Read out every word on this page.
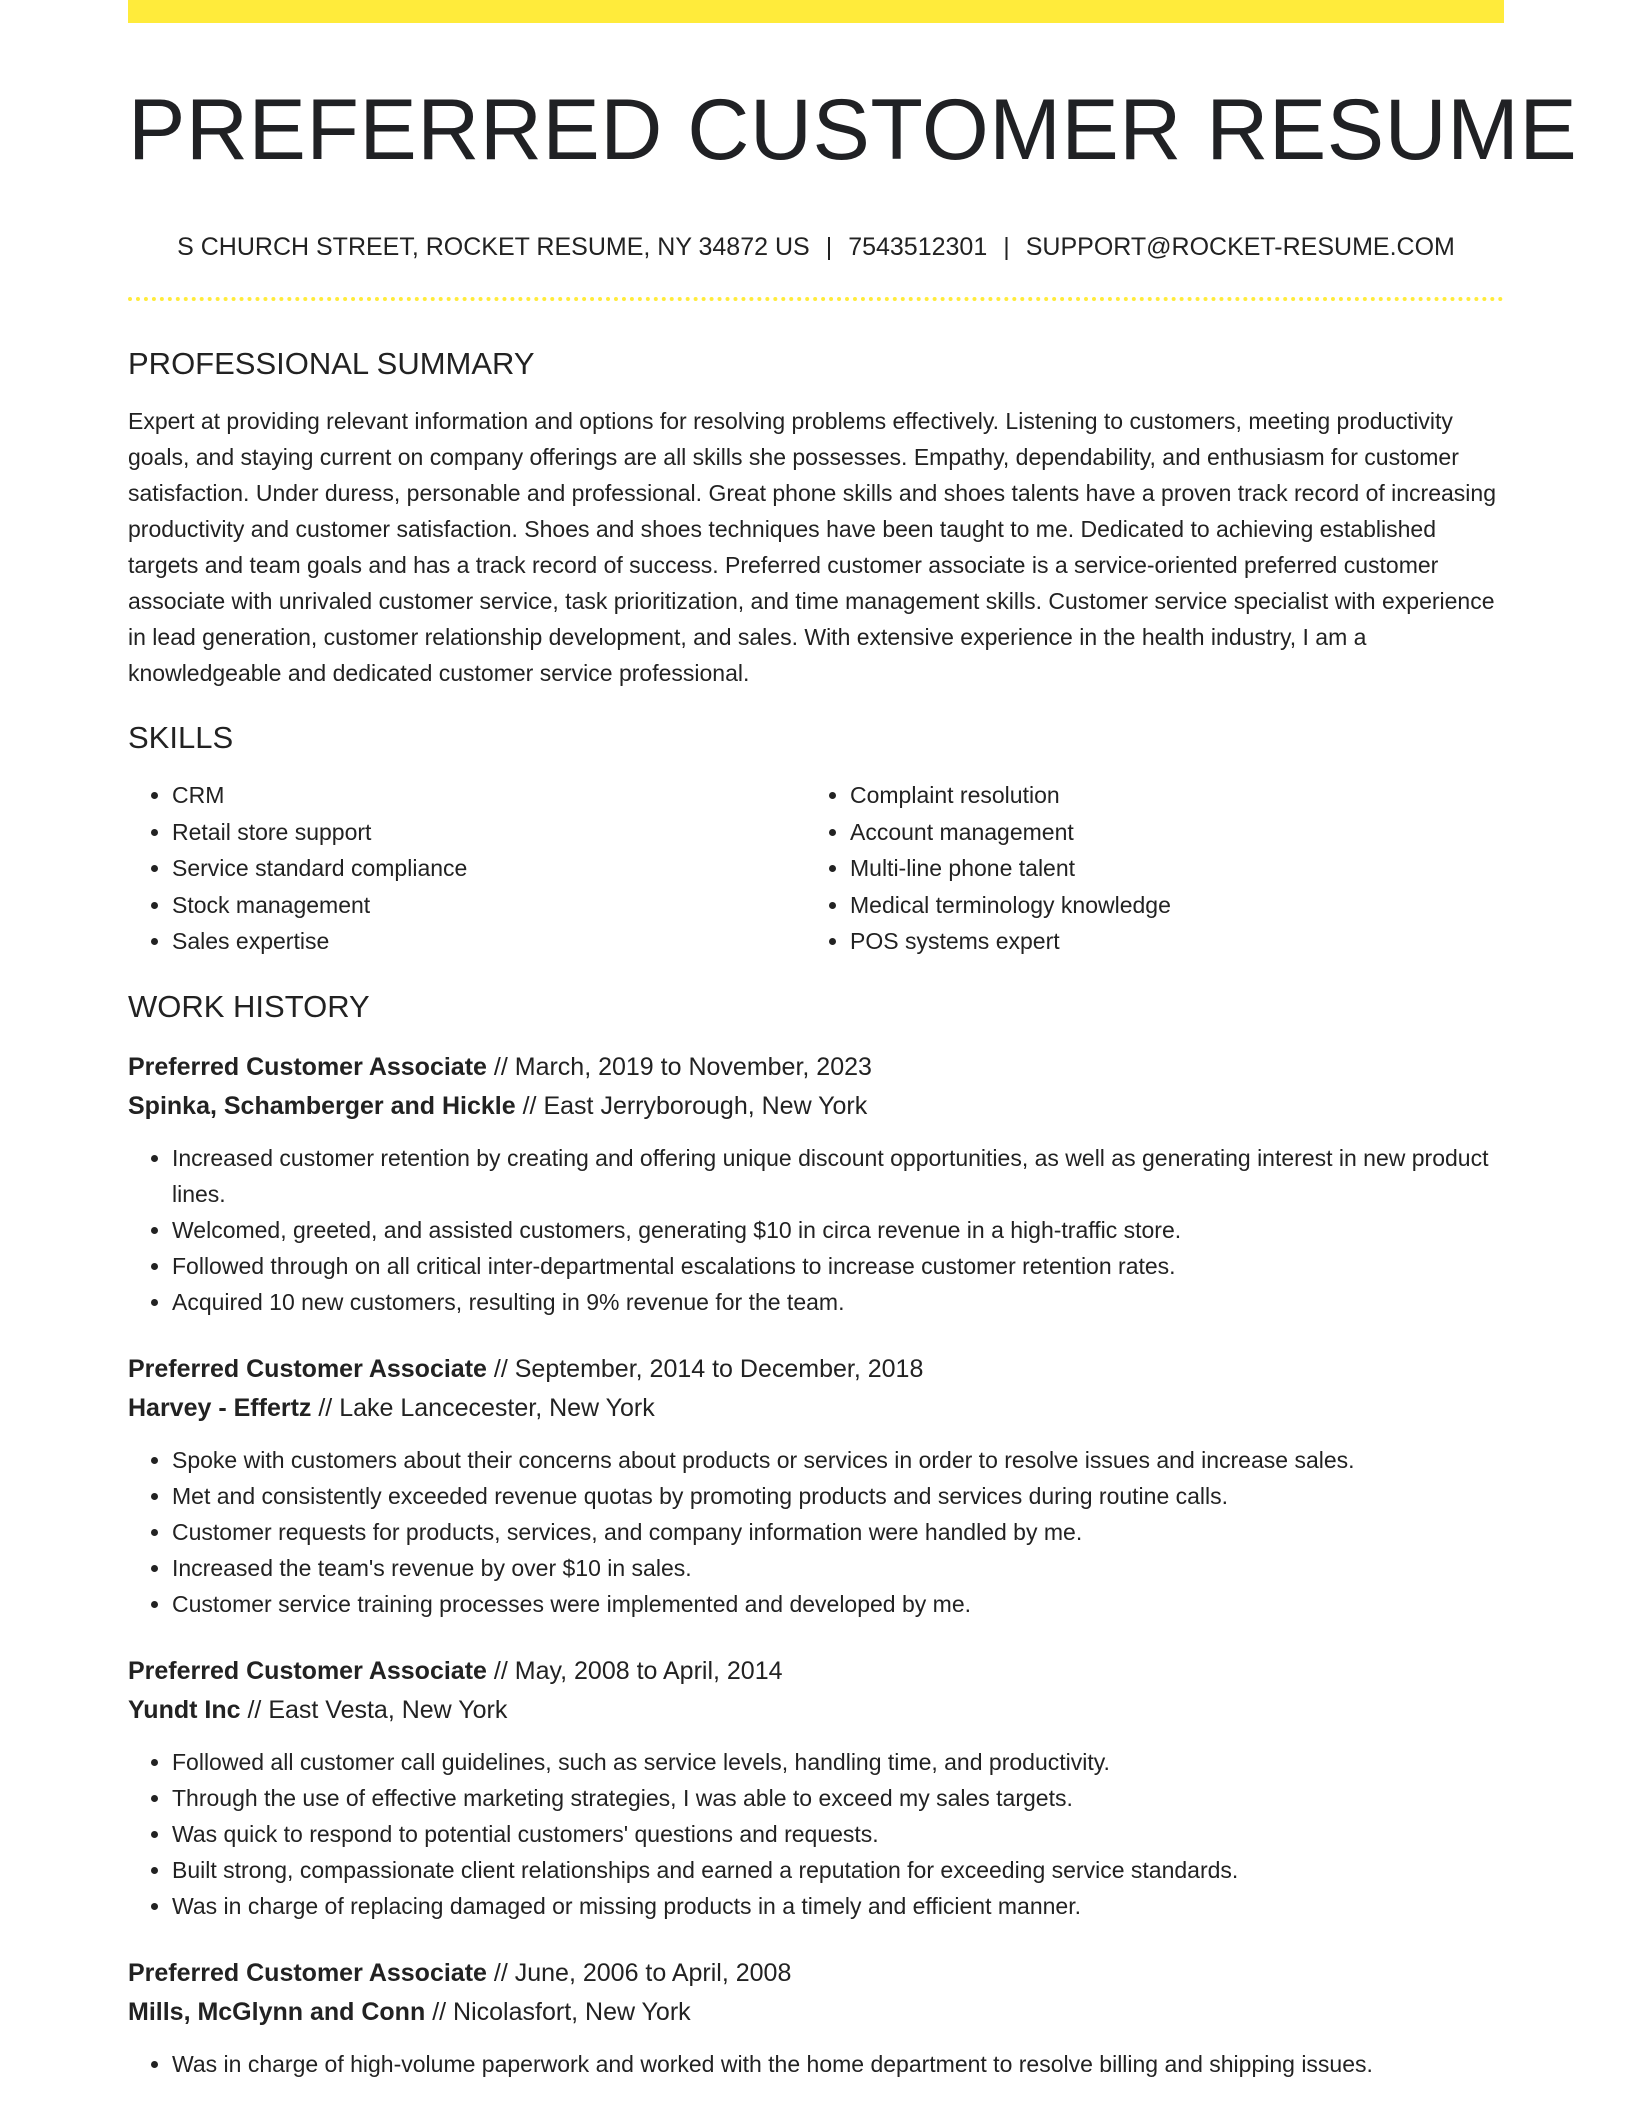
PREFERRED CUSTOMER RESUME
S CHURCH STREET, ROCKET RESUME, NY 34872 US | 7543512301 | SUPPORT@ROCKET-RESUME.COM
PROFESSIONAL SUMMARY

Expert at providing relevant information and options for resolving problems effectively. Listening to customers, meeting productivity goals, and staying current on company offerings are all skills she possesses. Empathy, dependability, and enthusiasm for customer satisfaction. Under duress, personable and professional. Great phone skills and shoes talents have a proven track record of increasing productivity and customer satisfaction. Shoes and shoes techniques have been taught to me. Dedicated to achieving established targets and team goals and has a track record of success. Preferred customer associate is a service-oriented preferred customer associate with unrivaled customer service, task prioritization, and time management skills. Customer service specialist with experience in lead generation, customer relationship development, and sales. With extensive experience in the health industry, I am a knowledgeable and dedicated customer service professional.

SKILLS
• CRM
• Retail store support
• Service standard compliance
• Stock management
• Sales expertise
• Complaint resolution
• Account management
• Multi-line phone talent
• Medical terminology knowledge
• POS systems expert
WORK HISTORY
Preferred Customer Associate // March, 2019 to November, 2023
Spinka, Schamberger and Hickle // East Jerryborough, New York
• Increased customer retention by creating and offering unique discount opportunities, as well as generating interest in new product lines.
• Welcomed, greeted, and assisted customers, generating $10 in circa revenue in a high-traffic store.
• Followed through on all critical inter-departmental escalations to increase customer retention rates.
• Acquired 10 new customers, resulting in 9% revenue for the team.
Preferred Customer Associate // September, 2014 to December, 2018
Harvey - Effertz // Lake Lancecester, New York
• Spoke with customers about their concerns about products or services in order to resolve issues and increase sales.
• Met and consistently exceeded revenue quotas by promoting products and services during routine calls.
• Customer requests for products, services, and company information were handled by me.
• Increased the team's revenue by over $10 in sales.
• Customer service training processes were implemented and developed by me.
Preferred Customer Associate // May, 2008 to April, 2014
Yundt Inc // East Vesta, New York
• Followed all customer call guidelines, such as service levels, handling time, and productivity.
• Through the use of effective marketing strategies, I was able to exceed my sales targets.
• Was quick to respond to potential customers' questions and requests.
• Built strong, compassionate client relationships and earned a reputation for exceeding service standards.
• Was in charge of replacing damaged or missing products in a timely and efficient manner.
Preferred Customer Associate // June, 2006 to April, 2008
Mills, McGlynn and Conn // Nicolasfort, New York
• Was in charge of high-volume paperwork and worked with the home department to resolve billing and shipping issues.
